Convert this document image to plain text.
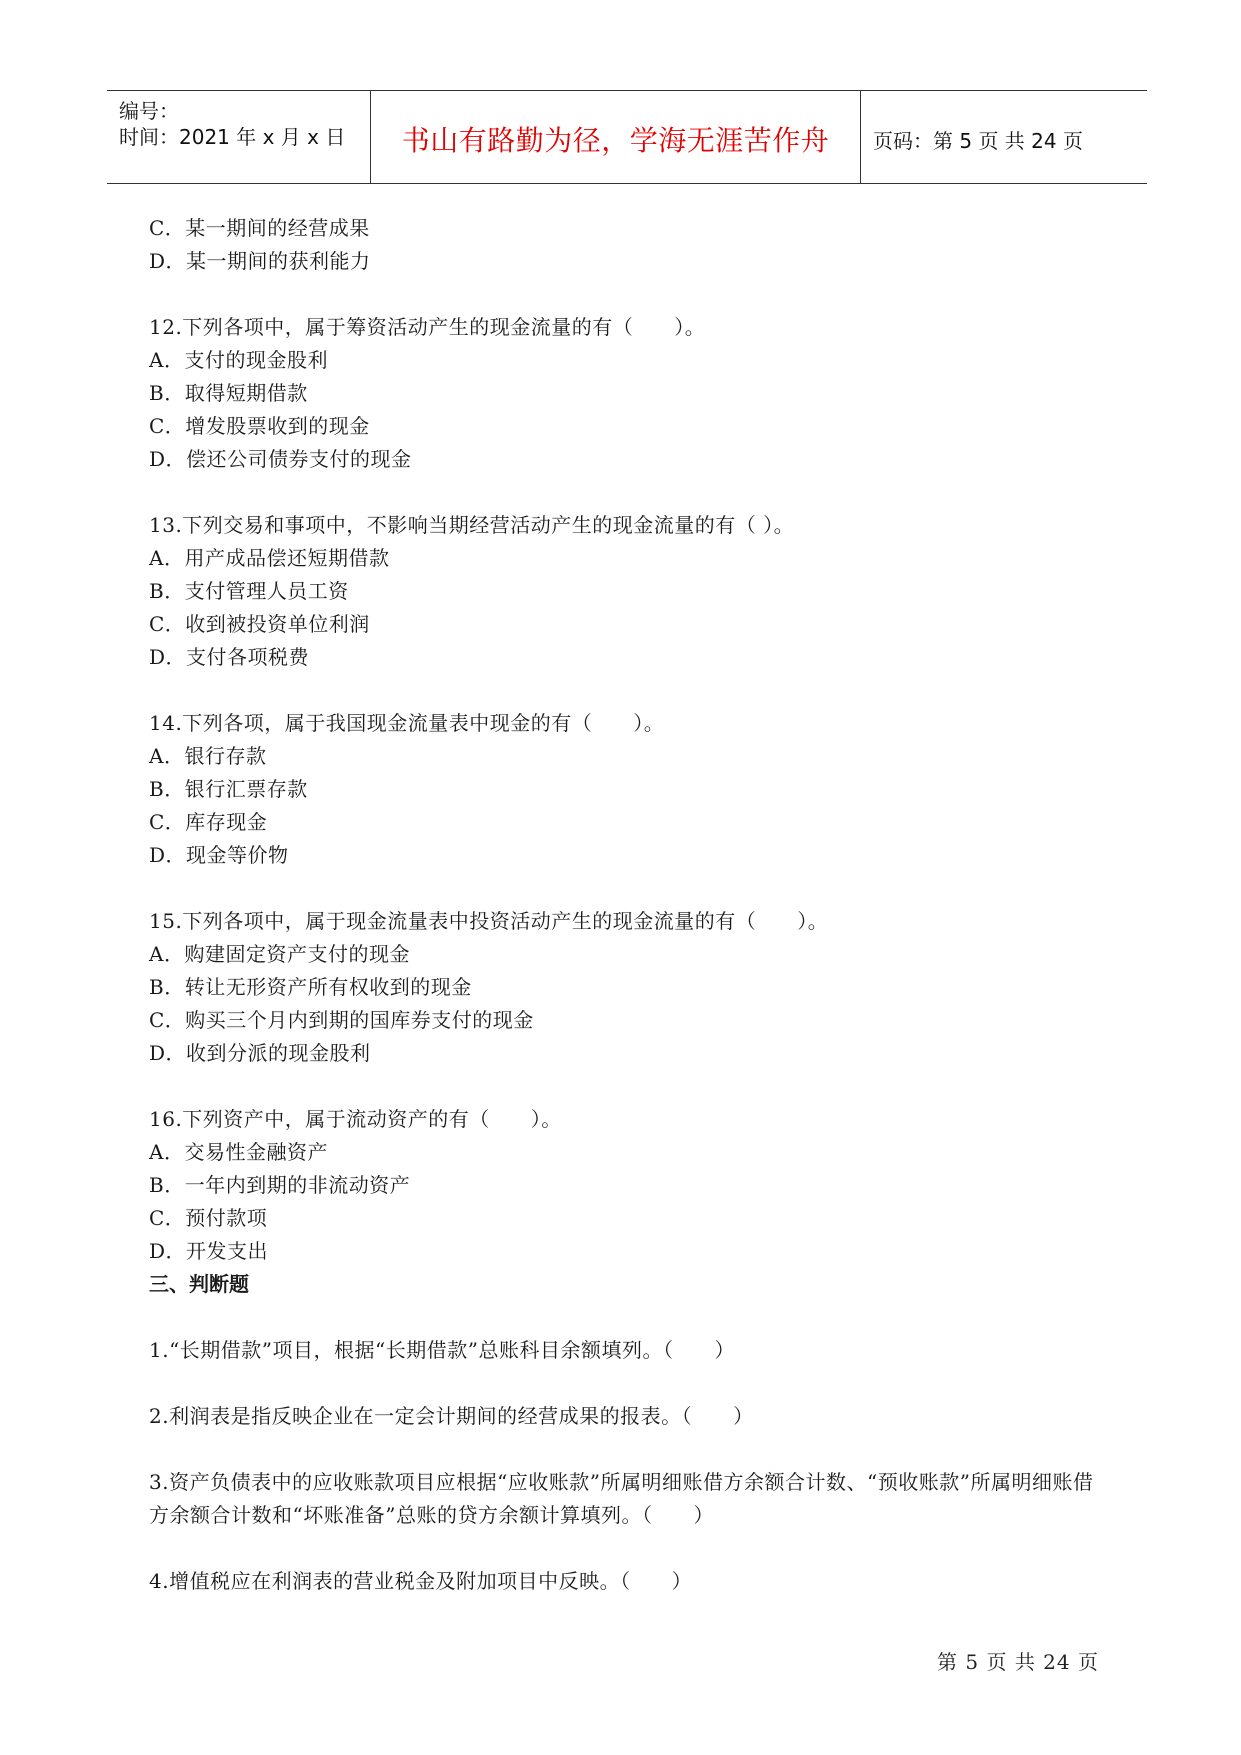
编号：
时间：2021 年 x 月 x 日	书山有路勤为径，学海无涯苦作舟	页码：第 5 页 共 24 页
C．某一期间的经营成果
D．某一期间的获利能力
12.下列各项中，属于筹资活动产生的现金流量的有（　　）。
A．支付的现金股利
B．取得短期借款
C．增发股票收到的现金
D．偿还公司债券支付的现金
13.下列交易和事项中，不影响当期经营活动产生的现金流量的有（ ）。
A．用产成品偿还短期借款
B．支付管理人员工资
C．收到被投资单位利润
D．支付各项税费
14.下列各项，属于我国现金流量表中现金的有（　　）。
A．银行存款
B．银行汇票存款
C．库存现金
D．现金等价物
15.下列各项中，属于现金流量表中投资活动产生的现金流量的有（　　）。
A．购建固定资产支付的现金
B．转让无形资产所有权收到的现金
C．购买三个月内到期的国库券支付的现金
D．收到分派的现金股利
16.下列资产中，属于流动资产的有（　　）。
A．交易性金融资产
B．一年内到期的非流动资产
C．预付款项
D．开发支出
三、判断题
1.“长期借款”项目，根据“长期借款”总账科目余额填列。（　　）
2.利润表是指反映企业在一定会计期间的经营成果的报表。（　　）
3.资产负债表中的应收账款项目应根据“应收账款”所属明细账借方余额合计数、“预收账款”所属明细账借方余额合计数和“坏账准备”总账的贷方余额计算填列。（　　）
4.增值税应在利润表的营业税金及附加项目中反映。（　　）
第 5 页 共 24 页
